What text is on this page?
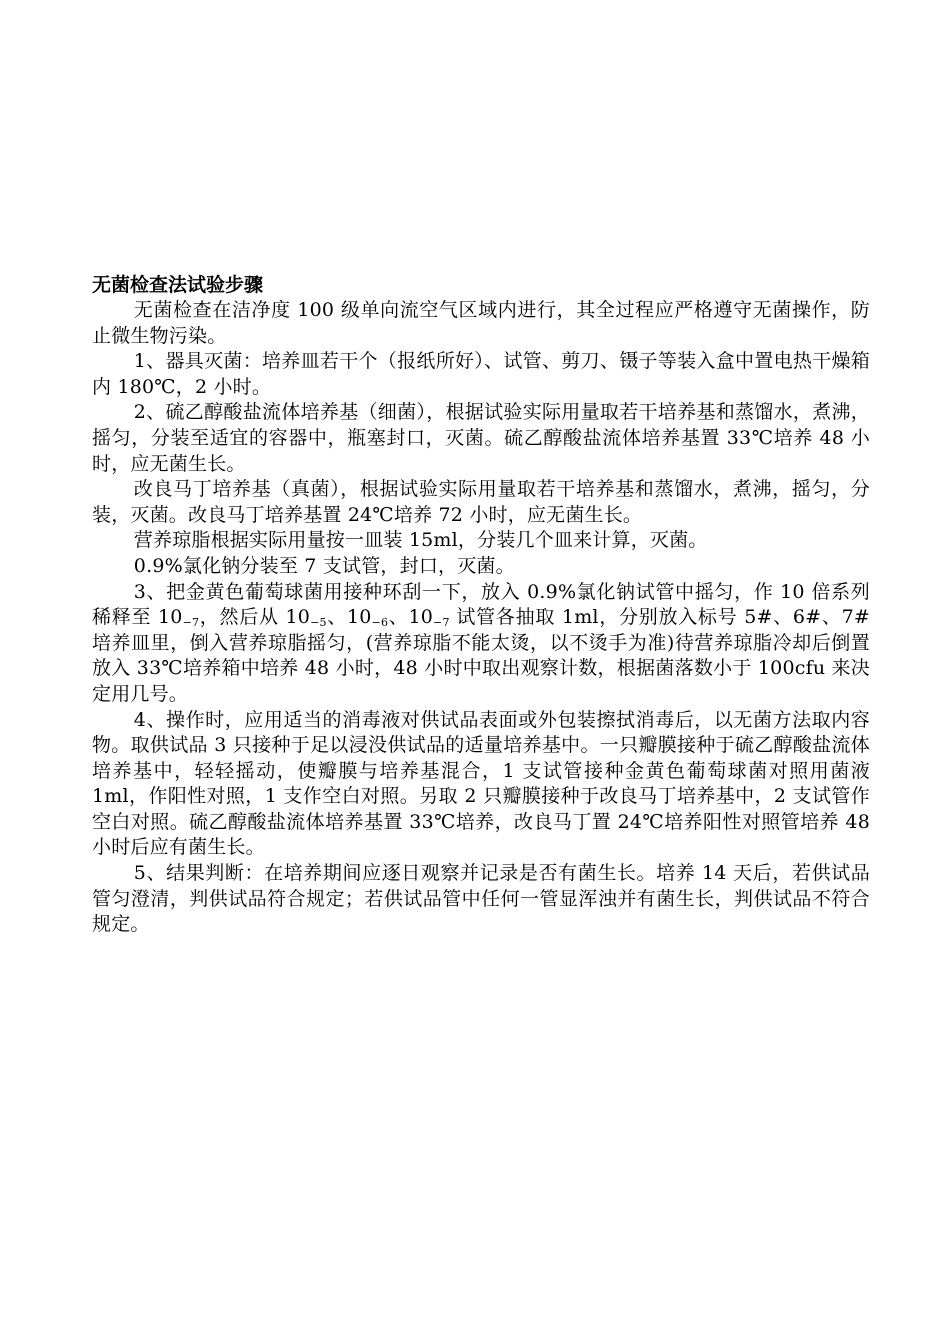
无菌检查法试验步骤

无菌检查在洁净度 100 级单向流空气区域内进行，其全过程应严格遵守无菌操作，防止微生物污染。

1、器具灭菌：培养皿若干个（报纸所好）、试管、剪刀、镊子等装入盒中置电热干燥箱内 180℃，2 小时。

2、硫乙醇酸盐流体培养基（细菌），根据试验实际用量取若干培养基和蒸馏水，煮沸，摇匀，分装至适宜的容器中，瓶塞封口，灭菌。硫乙醇酸盐流体培养基置 33℃培养 48 小时，应无菌生长。

改良马丁培养基（真菌），根据试验实际用量取若干培养基和蒸馏水，煮沸，摇匀，分装，灭菌。改良马丁培养基置 24℃培养 72 小时，应无菌生长。

营养琼脂根据实际用量按一皿装 15ml，分装几个皿来计算，灭菌。

0.9%氯化钠分装至 7 支试管，封口，灭菌。

3、把金黄色葡萄球菌用接种环刮一下，放入 0.9%氯化钠试管中摇匀，作 10 倍系列稀释至 $10_{-7}$，然后从 $10_{-5}$、$10_{-6}$、$10_{-7}$ 试管各抽取 1ml，分别放入标号 5#、6#、7#培养皿里，倒入营养琼脂摇匀，(营养琼脂不能太烫，以不烫手为准)待营养琼脂冷却后倒置放入 33℃培养箱中培养 48 小时，48 小时中取出观察计数，根据菌落数小于 100cfu 来决定用几号。

4、操作时，应用适当的消毒液对供试品表面或外包装擦拭消毒后，以无菌方法取内容物。取供试品 3 只接种于足以浸没供试品的适量培养基中。一只瓣膜接种于硫乙醇酸盐流体培养基中，轻轻摇动，使瓣膜与培养基混合，1 支试管接种金黄色葡萄球菌对照用菌液 1ml，作阳性对照，1 支作空白对照。另取 2 只瓣膜接种于改良马丁培养基中，2 支试管作空白对照。硫乙醇酸盐流体培养基置 33℃培养，改良马丁置 24℃培养阳性对照管培养 48 小时后应有菌生长。

5、结果判断：在培养期间应逐日观察并记录是否有菌生长。培养 14 天后，若供试品管匀澄清，判供试品符合规定；若供试品管中任何一管显浑浊并有菌生长，判供试品不符合规定。
